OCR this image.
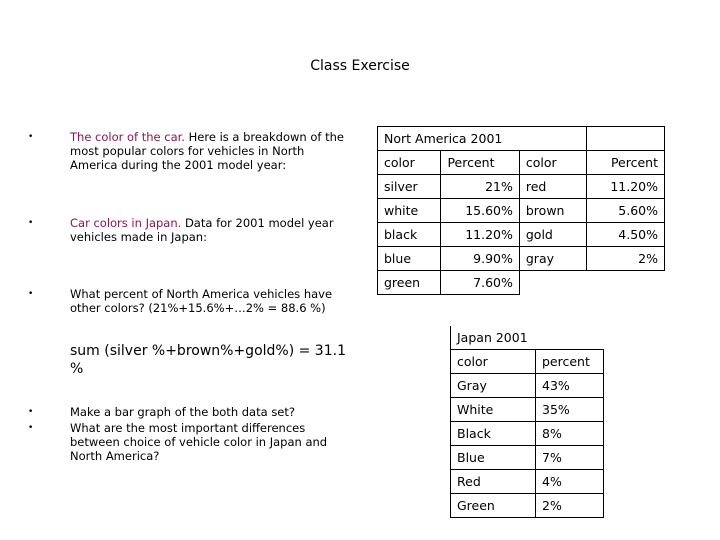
Class Exercise
•	The color of the car. Here is a breakdown of the most popular colors for vehicles in North America during the 2001 model year:
•	Car colors in Japan. Data for 2001 model year vehicles made in Japan:
•	What percent of North America vehicles have other colors? (21%+15.6%+…2% = 88.6 %)
sum (silver %+brown%+gold%) = 31.1 %
•	Make a bar graph of the both data set?
•	What are the most important differences between choice of vehicle color in Japan and North America?
Nort America 2001			
color	Percent	color	Percent
silver	21%	red	11.20%
white	15.60%	brown	5.60%
black	11.20%	gold	4.50%
blue	9.90%	gray	2%
green	7.60%		
Japan 2001	
color	percent
Gray	43%
White	35%
Black	8%
Blue	7%
Red	4%
Green	2%
